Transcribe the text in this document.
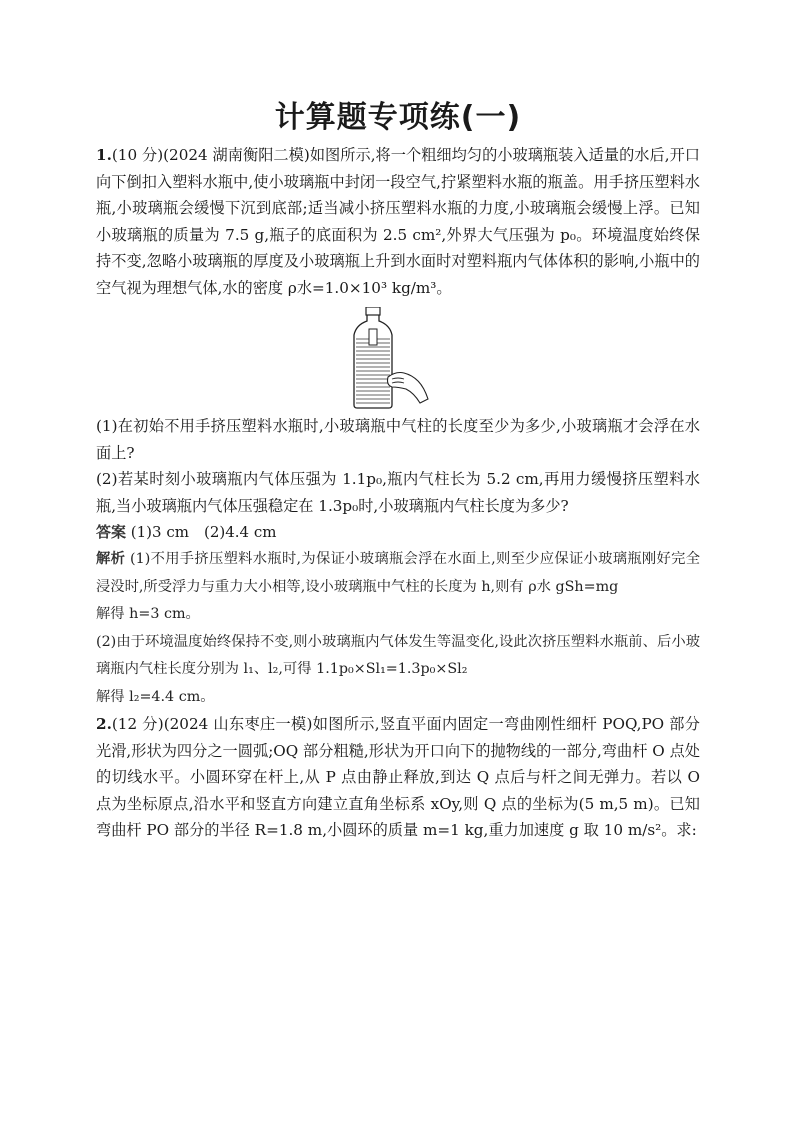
计算题专项练(一)

1.(10 分)(2024 湖南衡阳二模)如图所示,将一个粗细均匀的小玻璃瓶装入适量的水后,开口向下倒扣入塑料水瓶中,使小玻璃瓶中封闭一段空气,拧紧塑料水瓶的瓶盖。用手挤压塑料水瓶,小玻璃瓶会缓慢下沉到底部;适当减小挤压塑料水瓶的力度,小玻璃瓶会缓慢上浮。已知小玻璃瓶的质量为 7.5 g,瓶子的底面积为 2.5 cm²,外界大气压强为 p₀。环境温度始终保持不变,忽略小玻璃瓶的厚度及小玻璃瓶上升到水面时对塑料瓶内气体体积的影响,小瓶中的空气视为理想气体,水的密度 ρ水=1.0×10³ kg/m³。

(1)在初始不用手挤压塑料水瓶时,小玻璃瓶中气柱的长度至少为多少,小玻璃瓶才会浮在水面上?

(2)若某时刻小玻璃瓶内气体压强为 1.1p₀,瓶内气柱长为 5.2 cm,再用力缓慢挤压塑料水瓶,当小玻璃瓶内气体压强稳定在 1.3p₀时,小玻璃瓶内气柱长度为多少?

答案 (1)3 cm　(2)4.4 cm

解析 (1)不用手挤压塑料水瓶时,为保证小玻璃瓶会浮在水面上,则至少应保证小玻璃瓶刚好完全浸没时,所受浮力与重力大小相等,设小玻璃瓶中气柱的长度为 h,则有 ρ水 gSh=mg

解得 h=3 cm。

(2)由于环境温度始终保持不变,则小玻璃瓶内气体发生等温变化,设此次挤压塑料水瓶前、后小玻璃瓶内气柱长度分别为 l₁、l₂,可得 1.1p₀×Sl₁=1.3p₀×Sl₂

解得 l₂=4.4 cm。

2.(12 分)(2024 山东枣庄一模)如图所示,竖直平面内固定一弯曲刚性细杆 POQ,PO 部分光滑,形状为四分之一圆弧;OQ 部分粗糙,形状为开口向下的抛物线的一部分,弯曲杆 O 点处的切线水平。小圆环穿在杆上,从 P 点由静止释放,到达 Q 点后与杆之间无弹力。若以 O 点为坐标原点,沿水平和竖直方向建立直角坐标系 xOy,则 Q 点的坐标为(5 m,5 m)。已知弯曲杆 PO 部分的半径 R=1.8 m,小圆环的质量 m=1 kg,重力加速度 g 取 10 m/s²。求:
